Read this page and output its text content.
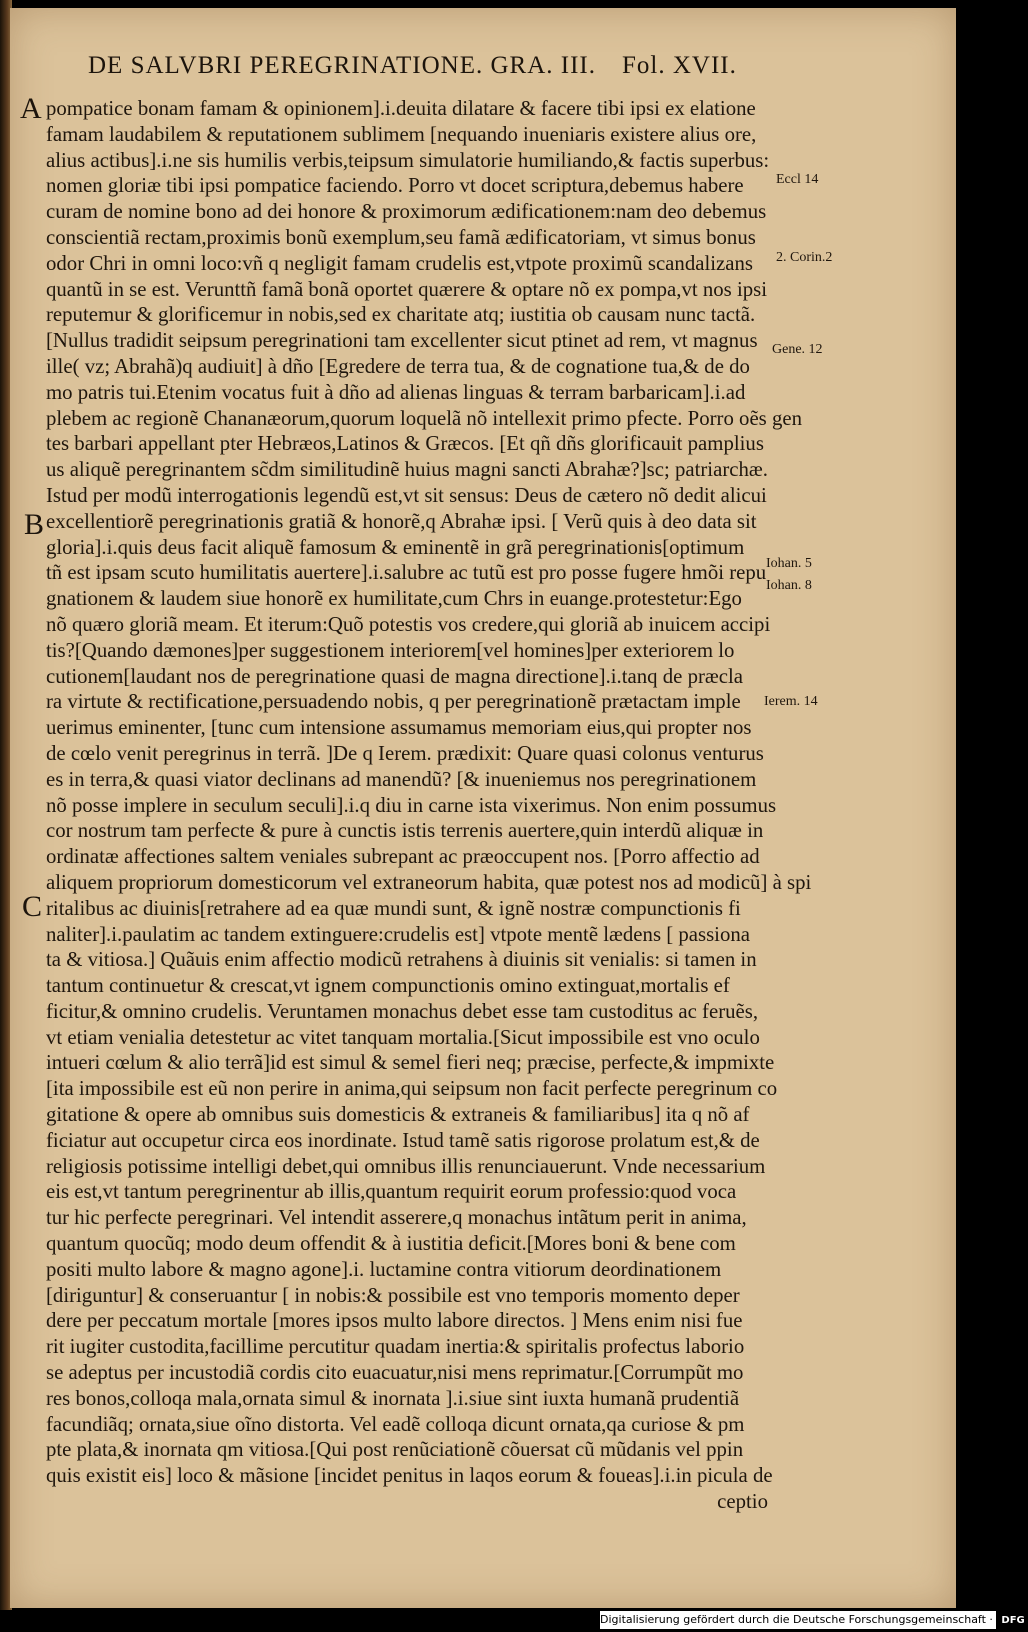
DE SALVBRI PEREGRINATIONE. GRA. III. Fol. XVII.
A
B
C
pompatice bonam famam & opinionem].i.deuita dilatare & facere tibi ipsi ex elatione
famam laudabilem & reputationem sublimem [nequando inueniaris existere alius ore,
alius actibus].i.ne sis humilis verbis,teipsum simulatorie humiliando,& factis superbus:
nomen gloriæ tibi ipsi pompatice faciendo. Porro vt docet scriptura,debemus habere
curam de nomine bono ad dei honore & proximorum ædificationem:nam deo debemus
conscientiã rectam,proximis bonũ exemplum,seu famã ædificatoriam, vt simus bonus
odor Chri in omni loco:vñ q negligit famam crudelis est,vtpote proximũ scandalizans
quantũ in se est. Verunttñ famã bonã oportet quærere & optare nõ ex pompa,vt nos ipsi
reputemur & glorificemur in nobis,sed ex charitate atq; iustitia ob causam nunc tactã.
[Nullus tradidit seipsum peregrinationi tam excellenter sicut ptinet ad rem, vt magnus
ille( vz; Abrahã)q audiuit] à dño [Egredere de terra tua, & de cognatione tua,& de do
mo patris tui.Etenim vocatus fuit à dño ad alienas linguas & terram barbaricam].i.ad
plebem ac regionẽ Chananæorum,quorum loquelã nõ intellexit primo pfecte. Porro oẽs gen
tes barbari appellant pter Hebræos,Latinos & Græcos. [Et qñ dñs glorificauit pamplius
us aliquẽ peregrinantem sc̃dm similitudinẽ huius magni sancti Abrahæ?]sc; patriarchæ.
Istud per modũ interrogationis legendũ est,vt sit sensus: Deus de cætero nõ dedit alicui
excellentiorẽ peregrinationis gratiã & honorẽ,q Abrahæ ipsi. [ Verũ quis à deo data sit
gloria].i.quis deus facit aliquẽ famosum & eminentẽ in grã peregrinationis[optimum
tñ est ipsam scuto humilitatis auertere].i.salubre ac tutũ est pro posse fugere hmõi repu
gnationem & laudem siue honorẽ ex humilitate,cum Chrs in euange.protestetur:Ego
nõ quæro gloriã meam. Et iterum:Quõ potestis vos credere,qui gloriã ab inuicem accipi
tis?[Quando dæmones]per suggestionem interiorem[vel homines]per exteriorem lo
cutionem[laudant nos de peregrinatione quasi de magna directione].i.tanq de præcla
ra virtute & rectificatione,persuadendo nobis, q per peregrinationẽ prætactam imple
uerimus eminenter, [tunc cum intensione assumamus memoriam eius,qui propter nos
de cœlo venit peregrinus in terrã. ]De q Ierem. prædixit: Quare quasi colonus venturus
es in terra,& quasi viator declinans ad manendũ? [& inueniemus nos peregrinationem
nõ posse implere in seculum seculi].i.q diu in carne ista vixerimus. Non enim possumus
cor nostrum tam perfecte & pure à cunctis istis terrenis auertere,quin interdũ aliquæ in
ordinatæ affectiones saltem veniales subrepant ac præoccupent nos. [Porro affectio ad
aliquem propriorum domesticorum vel extraneorum habita, quæ potest nos ad modicũ] à spi
ritalibus ac diuinis[retrahere ad ea quæ mundi sunt, & ignẽ nostræ compunctionis fi
naliter].i.paulatim ac tandem extinguere:crudelis est] vtpote mentẽ lædens [ passiona
ta & vitiosa.] Quãuis enim affectio modicũ retrahens à diuinis sit venialis: si tamen in
tantum continuetur & crescat,vt ignem compunctionis omino extinguat,mortalis ef
ficitur,& omnino crudelis. Veruntamen monachus debet esse tam custoditus ac feruẽs,
vt etiam venialia detestetur ac vitet tanquam mortalia.[Sicut impossibile est vno oculo
intueri cœlum & alio terrã]id est simul & semel fieri neq; præcise, perfecte,& impmixte
[ita impossibile est eũ non perire in anima,qui seipsum non facit perfecte peregrinum co
gitatione & opere ab omnibus suis domesticis & extraneis & familiaribus] ita q nõ af
ficiatur aut occupetur circa eos inordinate. Istud tamẽ satis rigorose prolatum est,& de
religiosis potissime intelligi debet,qui omnibus illis renunciauerunt. Vnde necessarium
eis est,vt tantum peregrinentur ab illis,quantum requirit eorum professio:quod voca
tur hic perfecte peregrinari. Vel intendit asserere,q monachus intãtum perit in anima,
quantum quocũq; modo deum offendit & à iustitia deficit.[Mores boni & bene com
positi multo labore & magno agone].i. luctamine contra vitiorum deordinationem
[diriguntur] & conseruantur [ in nobis:& possibile est vno temporis momento deper
dere per peccatum mortale [mores ipsos multo labore directos. ] Mens enim nisi fue
rit iugiter custodita,facillime percutitur quadam inertia:& spiritalis profectus laborio
se adeptus per incustodiã cordis cito euacuatur,nisi mens reprimatur.[Corrumpũt mo
res bonos,colloqa mala,ornata simul & inornata ].i.siue sint iuxta humanã prudentiã
facundiãq; ornata,siue oĩno distorta. Vel eadẽ colloqa dicunt ornata,qa curiose & pm
pte plata,& inornata qm vitiosa.[Qui post renũciationẽ cõuersat cũ mũdanis vel ppin
quis existit eis] loco & mãsione [incidet penitus in laqos eorum & foueas].i.in picula de
ceptio
Eccl 14
2. Corin.2
Gene. 12
Iohan. 5
Iohan. 8
Ierem. 14
Digitalisierung gefördert durch die Deutsche Forschungsgemeinschaft · DFG
